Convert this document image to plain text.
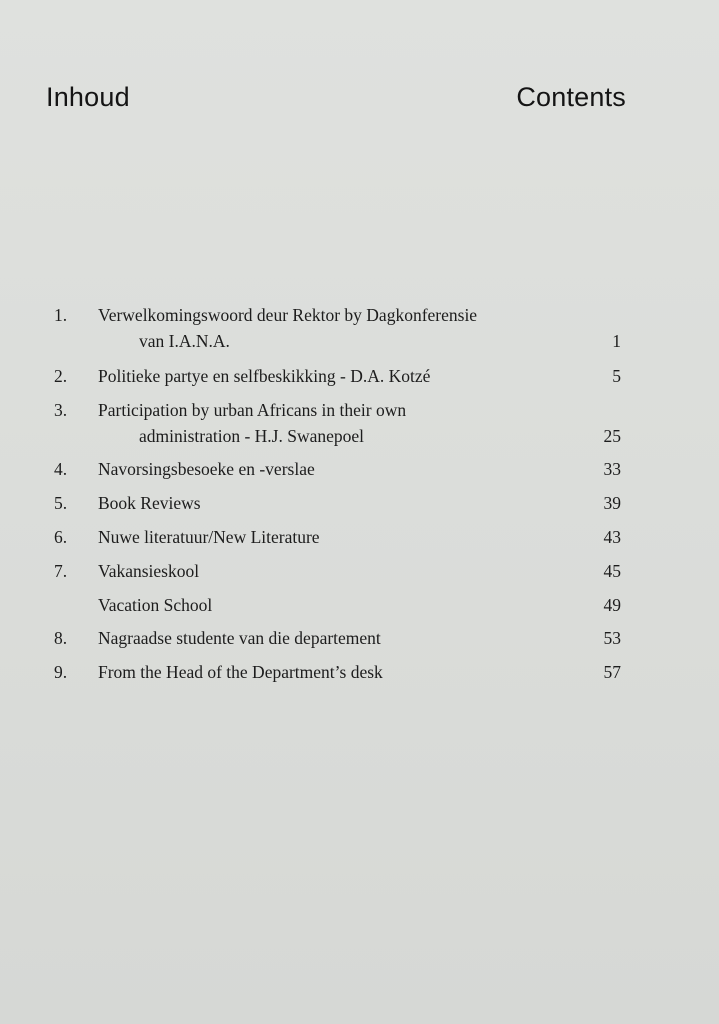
Inhoud	Contents
1.	Verwelkomingswoord deur Rektor by Dagkonferensie
van I.A.N.A.	1
2.	Politieke partye en selfbeskikking - D.A. Kotzé	5
3.	Participation by urban Africans in their own
administration - H.J. Swanepoel	25
4.	Navorsingsbesoeke en -verslae	33
5.	Book Reviews	39
6.	Nuwe literatuur/New Literature	43
7.	Vakansieskool	45
Vacation School	49
8.	Nagraadse studente van die departement	53
9.	From the Head of the Department’s desk	57
